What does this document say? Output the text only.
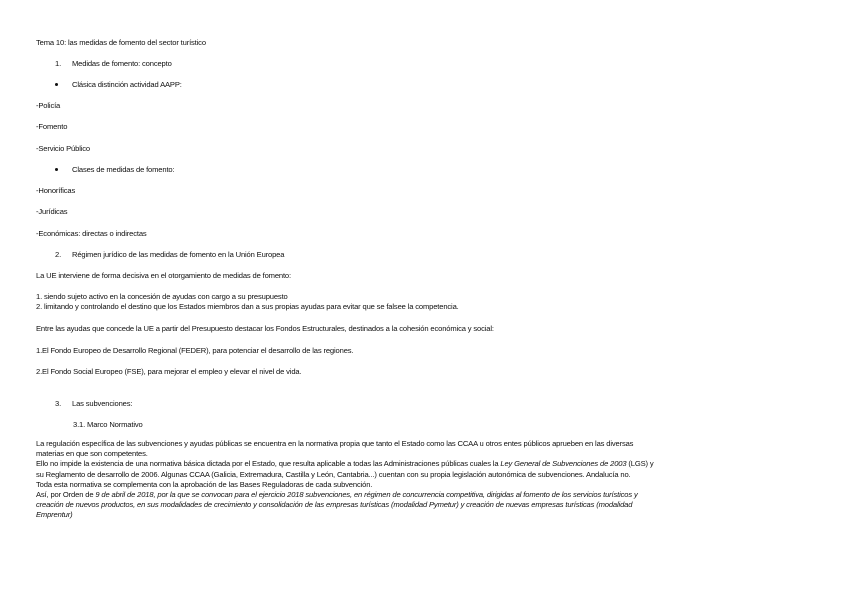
Tema 10: las medidas de fomento del sector turístico
1. Medidas de fomento: concepto
Clásica distinción actividad AAPP:
-Policía
-Fomento
-Servicio Público
Clases de medidas de fomento:
-Honoríficas
-Jurídicas
-Económicas: directas o indirectas
2. Régimen jurídico de las medidas de fomento en la Unión Europea
La UE interviene de forma decisiva en el otorgamiento de medidas de fomento:
1. siendo sujeto activo en la concesión de ayudas con cargo a su presupuesto
2. limitando y controlando el destino que los Estados miembros dan a sus propias ayudas para evitar que se falsee la competencia.
Entre las ayudas que concede la UE a partir del Presupuesto destacar los Fondos Estructurales, destinados a la cohesión económica y social:
1.El Fondo Europeo de Desarrollo Regional (FEDER), para potenciar el desarrollo de las regiones.
2.El Fondo Social Europeo (FSE), para mejorar el empleo y elevar el nivel de vida.
3. Las subvenciones:
3.1. Marco Normativo
La regulación específica de las subvenciones y ayudas públicas se encuentra en la normativa propia que tanto el Estado como las CCAA u otros entes públicos aprueben en las diversas
materias en que son competentes.
Ello no impide la existencia de una normativa básica dictada por el Estado, que resulta aplicable a todas las Administraciones públicas cuales la Ley General de Subvenciones de 2003 (LGS) y
su Reglamento de desarrollo de 2006. Algunas CCAA (Galicia, Extremadura, Castilla y León, Cantabria...) cuentan con su propia legislación autonómica de subvenciones. Andalucía no.
Toda esta normativa se complementa con la aprobación de las Bases Reguladoras de cada subvención.
Así, por Orden de 9 de abril de 2018, por la que se convocan para el ejercicio 2018 subvenciones, en régimen de concurrencia competitiva, dirigidas al fomento de los servicios turísticos y
creación de nuevos productos, en sus modalidades de crecimiento y consolidación de las empresas turísticas (modalidad Pymetur) y creación de nuevas empresas turísticas (modalidad
Emprentur)
